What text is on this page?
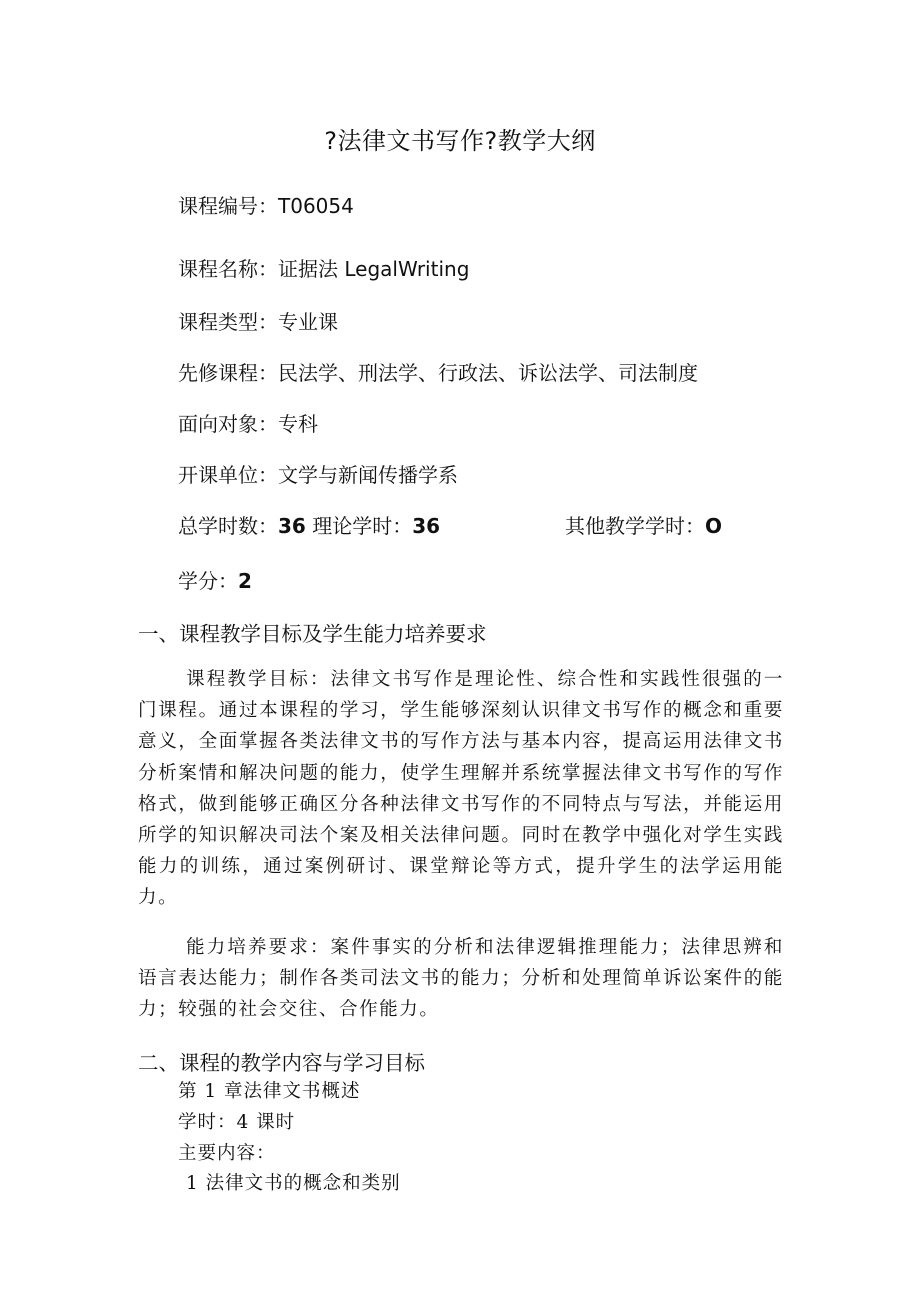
?法律文书写作?教学大纲
课程编号：T06054
课程名称：证据法 LegalWriting
课程类型：专业课
先修课程：民法学、刑法学、行政法、诉讼法学、司法制度
面向对象：专科
开课单位：文学与新闻传播学系
总学时数：36 理论学时：36	其他教学学时：O
学分：2
一、课程教学目标及学生能力培养要求

课程教学目标：法律文书写作是理论性、综合性和实践性很强的一门课程。通过本课程的学习，学生能够深刻认识律文书写作的概念和重要意义，全面掌握各类法律文书的写作方法与基本内容，提高运用法律文书分析案情和解决问题的能力，使学生理解并系统掌握法律文书写作的写作格式，做到能够正确区分各种法律文书写作的不同特点与写法，并能运用所学的知识解决司法个案及相关法律问题。同时在教学中强化对学生实践能力的训练，通过案例研讨、课堂辩论等方式，提升学生的法学运用能力。

能力培养要求：案件事实的分析和法律逻辑推理能力；法律思辨和语言表达能力；制作各类司法文书的能力；分析和处理简单诉讼案件的能力；较强的社会交往、合作能力。

二、课程的教学内容与学习目标
第 1 章法律文书概述
学时：4 课时
主要内容：
1 法律文书的概念和类别
